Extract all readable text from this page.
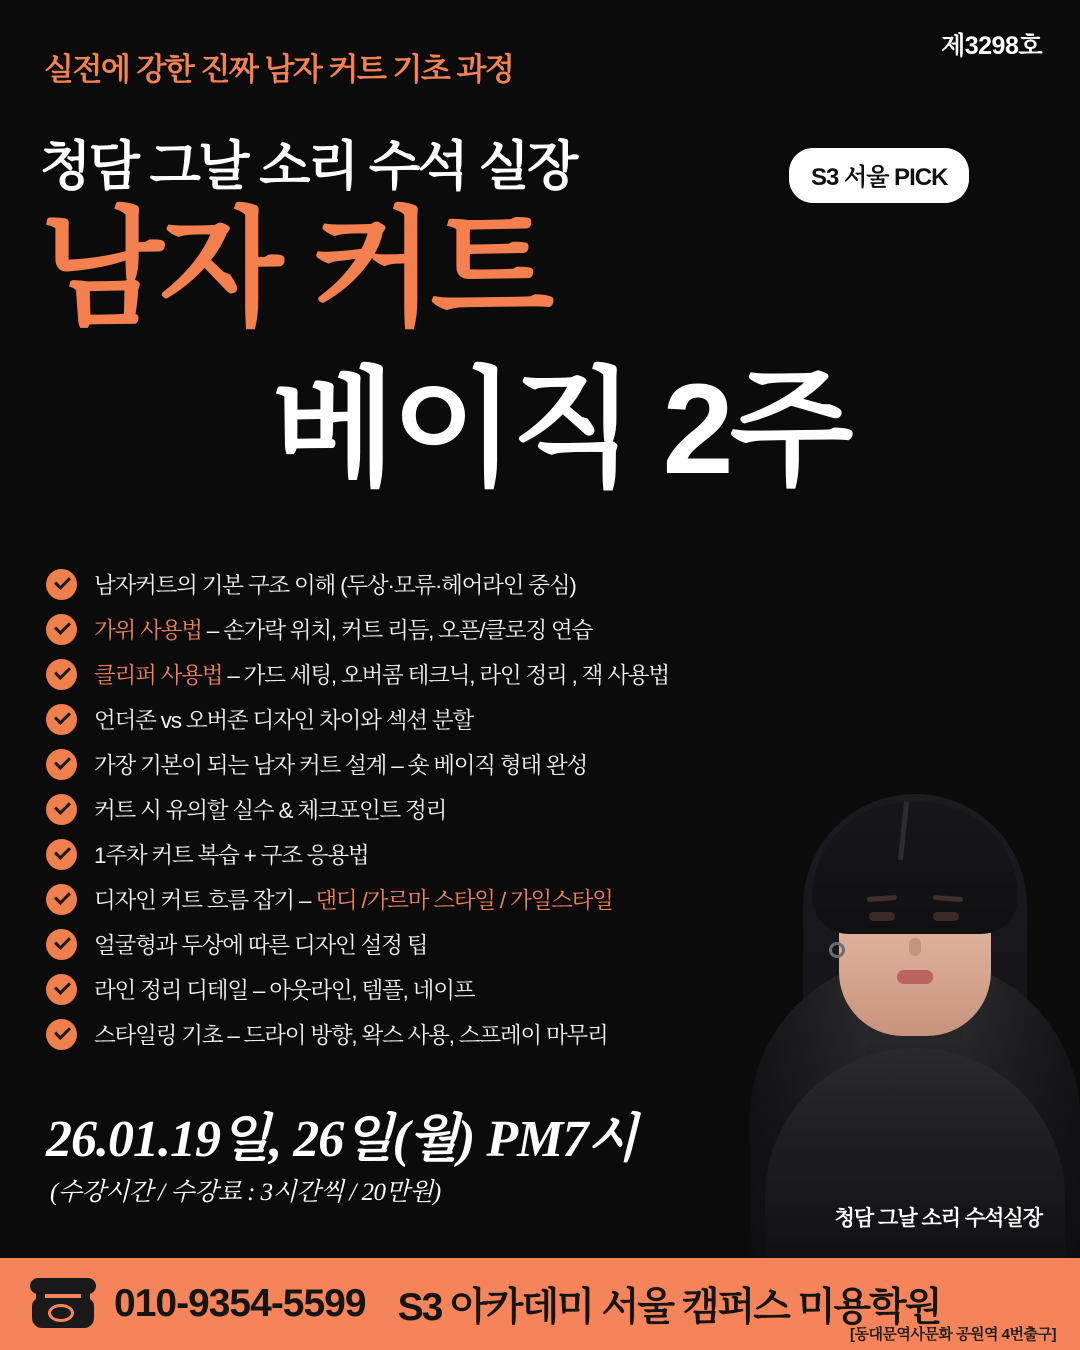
제3298호
실전에 강한 진짜 남자 커트 기초 과정
청담 그날 소리 수석 실장	S3 서울 PICK
남자 커트
베이직 2주
청담 그날 소리 수석실장
남자커트의 기본 구조 이해 (두상·모류·헤어라인 중심)
가위 사용법 – 손가락 위치, 커트 리듬, 오픈/클로징 연습
클리퍼 사용법 – 가드 세팅, 오버콤 테크닉, 라인 정리 , 잭 사용법
언더존 vs 오버존 디자인 차이와 섹션 분할
가장 기본이 되는 남자 커트 설계 – 숏 베이직 형태 완성
커트 시 유의할 실수 & 체크포인트 정리
1주차 커트 복습 + 구조 응용법
디자인 커트 흐름 잡기 – 댄디 /가르마 스타일 / 가일스타일
얼굴형과 두상에 따른 디자인 설정 팁
라인 정리 디테일 – 아웃라인, 템플, 네이프
스타일링 기초 – 드라이 방향, 왁스 사용, 스프레이 마무리
26.01.19일, 26일(월) PM7시
(수강시간 / 수강료 : 3시간씩 / 20만원)
010-9354-5599 S3 아카데미 서울 캠퍼스 미용학원
[동대문역사문화 공원역 4번출구]
